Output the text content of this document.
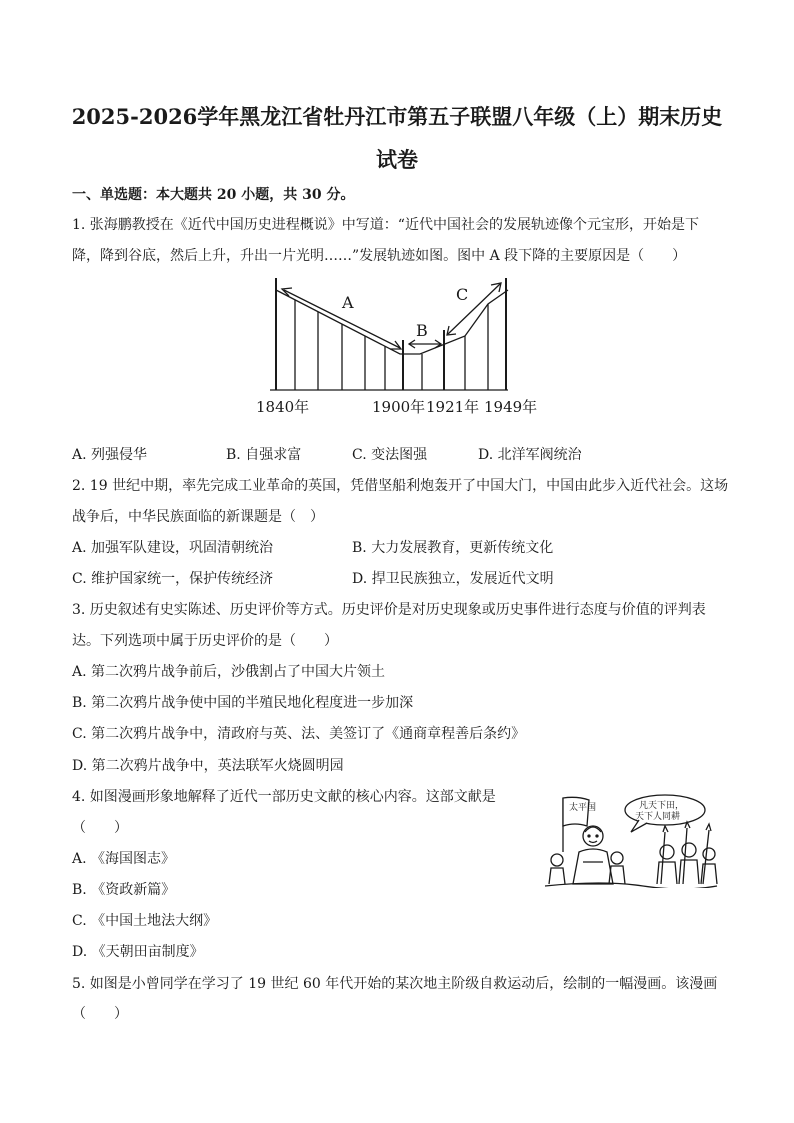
2025-2026学年黑龙江省牡丹江市第五子联盟八年级（上）期末历史
试卷
一、单选题：本大题共 20 小题，共 30 分。
1. 张海鹏教授在《近代中国历史进程概说》中写道：“近代中国社会的发展轨迹像个元宝形，开始是下
降，降到谷底，然后上升，升出一片光明……”发展轨迹如图。图中 A 段下降的主要原因是（　　）
A
B
C
1840年	1900年 1921年 1949年
A. 列强侵华	B. 自强求富	C. 变法图强	D. 北洋军阀统治
2. 19 世纪中期，率先完成工业革命的英国，凭借坚船利炮轰开了中国大门，中国由此步入近代社会。这场
战争后，中华民族面临的新课题是（　）
A. 加强军队建设，巩固清朝统治	B. 大力发展教育，更新传统文化
C. 维护国家统一，保护传统经济	D. 捍卫民族独立，发展近代文明
3. 历史叙述有史实陈述、历史评价等方式。历史评价是对历史现象或历史事件进行态度与价值的评判表
达。下列选项中属于历史评价的是（　　）
A. 第二次鸦片战争前后，沙俄割占了中国大片领土
B. 第二次鸦片战争使中国的半殖民地化程度进一步加深
C. 第二次鸦片战争中，清政府与英、法、美签订了《通商章程善后条约》
D. 第二次鸦片战争中，英法联军火烧圆明园
4. 如图漫画形象地解释了近代一部历史文献的核心内容。这部文献是
（　　）
太平国	凡天下田，
天下人同耕
A. 《海国图志》
B. 《资政新篇》
C. 《中国土地法大纲》
D. 《天朝田亩制度》
5. 如图是小曾同学在学习了 19 世纪 60 年代开始的某次地主阶级自救运动后，绘制的一幅漫画。该漫画
（　　）
